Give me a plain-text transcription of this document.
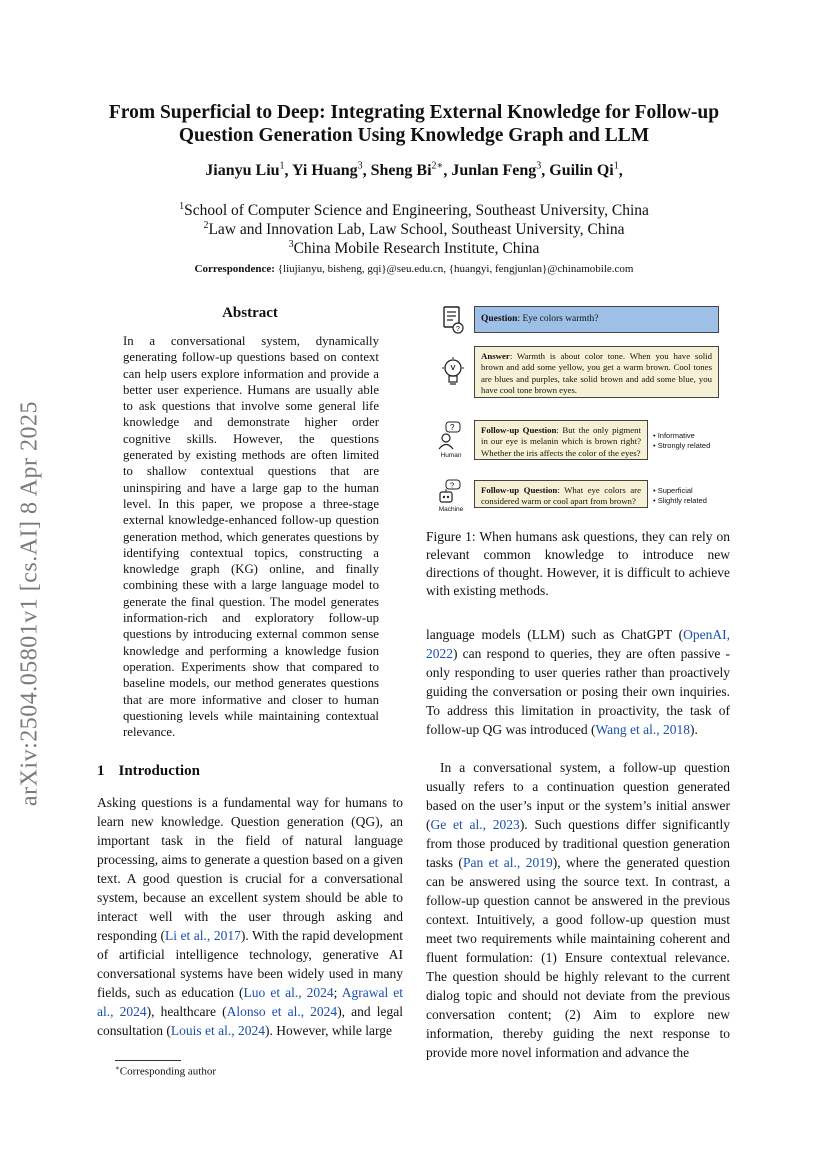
arXiv:2504.05801v1 [cs.AI] 8 Apr 2025
From Superficial to Deep: Integrating External Knowledge for Follow-up
Question Generation Using Knowledge Graph and LLM
Jianyu Liu$^1$, Yi Huang$^3$, Sheng $Bi^{2∗}$, Junlan Feng$^3$, Guilin Qi$^1$,
$^1$School of Computer Science and Engineering, Southeast University, China
$^2$Law and Innovation Lab, Law School, Southeast University, China
$^3$China Mobile Research Institute, China
Correspondence: {liujianyu, bisheng, gqi}@seu.edu.cn, {huangyi, fengjunlan}@chinamobile.com
Abstract

In a conversational system, dynamically generating follow-up questions based on context can help users explore information and provide a better user experience. Humans are usually able to ask questions that involve some general life knowledge and demonstrate higher order cognitive skills. However, the questions generated by existing methods are often limited to shallow contextual questions that are uninspiring and have a large gap to the human level. In this paper, we propose a three-stage external knowledge-enhanced follow-up question generation method, which generates questions by identifying contextual topics, constructing a knowledge graph (KG) online, and finally combining these with a large language model to generate the final question. The model generates information-rich and exploratory follow-up questions by introducing external common sense knowledge and performing a knowledge fusion operation. Experiments show that compared to baseline models, our method generates questions that are more informative and closer to human questioning levels while maintaining contextual relevance.

1 Introduction

Asking questions is a fundamental way for humans to learn new knowledge. Question generation (QG), an important task in the field of natural language processing, aims to generate a question based on a given text. A good question is crucial for a conversational system, because an excellent system should be able to interact well with the user through asking and responding (Li et al., 2017). With the rapid development of artificial intelligence technology, generative AI conversational systems have been widely used in many fields, such as education (Luo et al., 2024; Agrawal et al., 2024), healthcare (Alonso et al., 2024), and legal consultation (Louis et al., 2024). However, while large

∗Corresponding author

language models (LLM) such as ChatGPT (OpenAI, 2022) can respond to queries, they are often passive - only responding to user queries rather than proactively guiding the conversation or posing their own inquiries. To address this limitation in proactivity, the task of follow-up QG was introduced (Wang et al., 2018).

In a conversational system, a follow-up question usually refers to a continuation question generated based on the user’s input or the system’s initial answer (Ge et al., 2023). Such questions differ significantly from those produced by traditional question generation tasks (Pan et al., 2019), where the generated question can be answered using the source text. In contrast, a follow-up question cannot be answered in the previous context. Intuitively, a good follow-up question must meet two requirements while maintaining coherent and fluent formulation: (1) Ensure contextual relevance. The question should be highly relevant to the current dialog topic and should not deviate from the previous conversation content; (2) Aim to explore new information, thereby guiding the next response to provide more novel information and advance the

?
Question: Eye colors warmth?
Answer: Warmth is about color tone. When you have solid brown and add some yellow, you get a warm brown. Cool tones are blues and purples, take solid brown and add some blue, you have cool tone brown eyes.
?
Human
Follow-up Question: But the only pigment in our eye is melanin which is brown right? Whether the iris affects the color of the eyes?
• Informative
• Strongly related
?
Machine
Follow-up Question: What eye colors are considered warm or cool apart from brown?
• Superficial
• Slightly related

Figure 1: When humans ask questions, they can rely on relevant common knowledge to introduce new directions of thought. However, it is difficult to achieve with existing methods.
